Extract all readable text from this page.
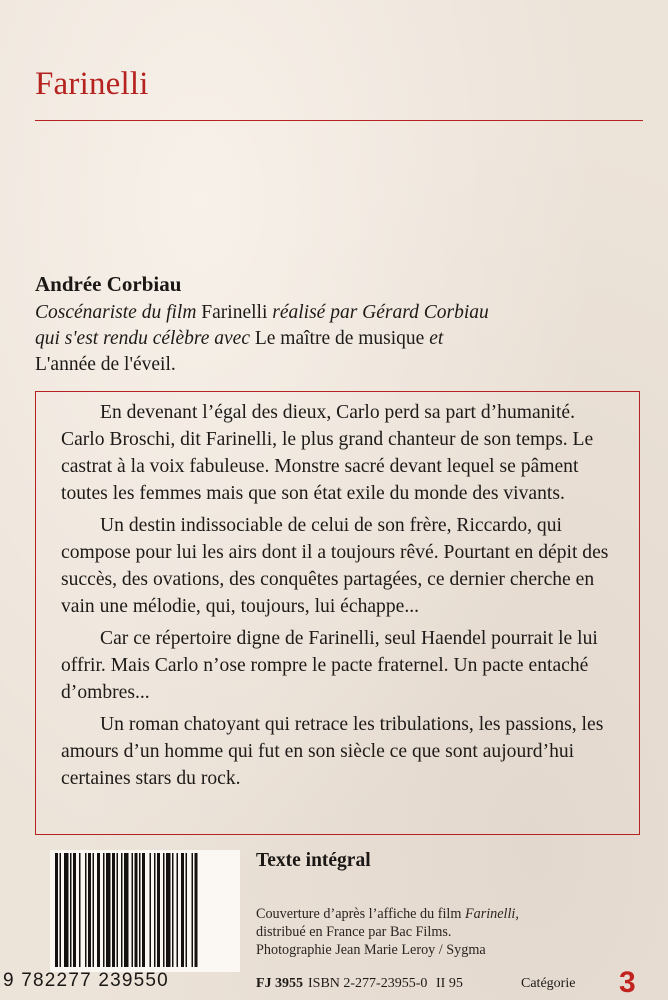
Farinelli
Andrée Corbiau
Coscénariste du film Farinelli réalisé par Gérard Corbiau
qui s'est rendu célèbre avec Le maître de musique et
L'année de l'éveil.

En devenant l’égal des dieux, Carlo perd sa part d’humanité. Carlo Broschi, dit Farinelli, le plus grand chanteur de son temps. Le castrat à la voix fabuleuse. Monstre sacré devant lequel se pâment toutes les femmes mais que son état exile du monde des vivants.

Un destin indissociable de celui de son frère, Riccardo, qui compose pour lui les airs dont il a toujours rêvé. Pourtant en dépit des succès, des ovations, des conquêtes partagées, ce dernier cherche en vain une mélodie, qui, toujours, lui échappe...

Car ce répertoire digne de Farinelli, seul Haendel pourrait le lui offrir. Mais Carlo n’ose rompre le pacte fraternel. Un pacte entaché d’ombres...

Un roman chatoyant qui retrace les tribulations, les passions, les amours d’un homme qui fut en son siècle ce que sont aujourd’hui certaines stars du rock.

9 782277 239550
Texte intégral
Couverture d’après l’affiche du film Farinelli,
distribué en France par Bac Films.
Photographie Jean Marie Leroy / Sygma
FJ 3955 ISBN 2-277-23955-0 II 95	Catégorie 3
